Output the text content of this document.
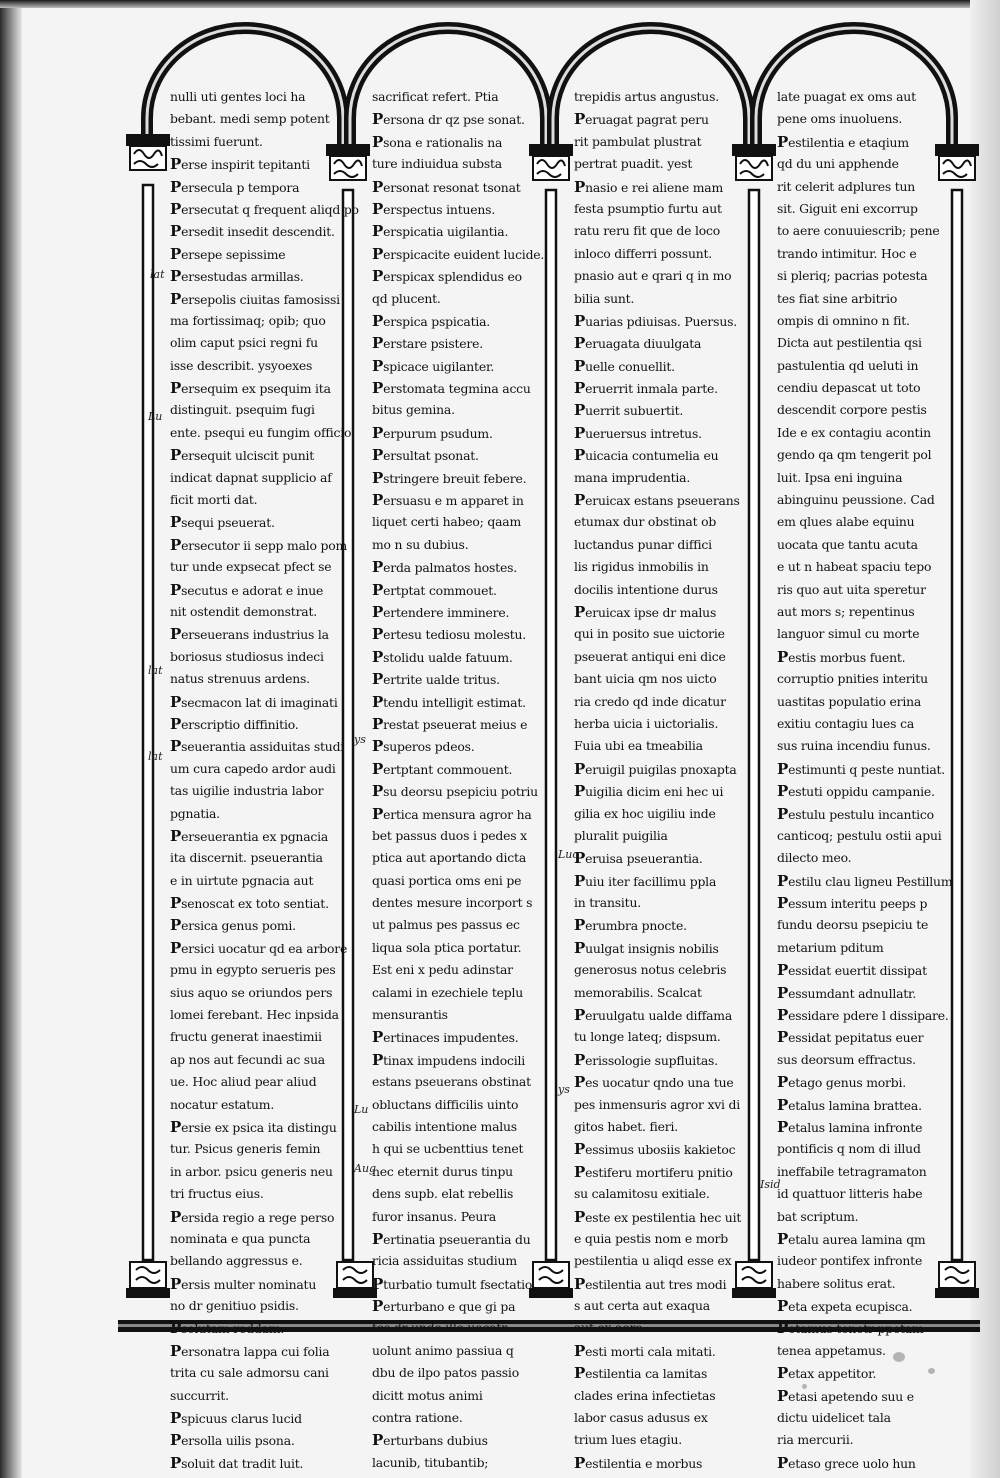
nulli uti gentes loci ha
bebant. medi semp potent
tissimi fuerunt.
Perse inspirit tepitanti
Persecula p tempora
Persecutat q frequent aliqd po
Persedit insedit descendit.
Persepe sepissime
Persestudas armillas.
Persepolis ciuitas famosissi
ma fortissimaq; opib; quo
olim caput psici regni fu
isse describit. ysyoexes
Persequim ex psequim ita
distinguit. psequim fugi
ente. psequi eu fungim officio
Persequit ulciscit punit
indicat dapnat supplicio af
ficit morti dat.
Psequi pseuerat.
Persecutor ii sepp malo pom
tur unde expsecat pfect se
Psecutus e adorat e inue
nit ostendit demonstrat.
Perseuerans industrius la
boriosus studiosus indeci
natus strenuus ardens.
Psecmacon lat di imaginati
Perscriptio diffinitio.
Pseuerantia assiduitas studi
um cura capedo ardor audi
tas uigilie industria labor
pgnatia.
Perseuerantia ex pgnacia
ita discernit. pseuerantia
e in uirtute pgnacia aut
Psenoscat ex toto sentiat.
Persica genus pomi.
Persici uocatur qd ea arbore
pmu in egypto serueris pes
sius aquo se oriundos pers
lomei ferebant. Hec inpsida
fructu generat inaestimii
ap nos aut fecundi ac sua
ue. Hoc aliud pear aliud
nocatur estatum.
Persie ex psica ita distingu
tur. Psicus generis femin
in arbor. psicu generis neu
tri fructus eius.
Persida regio a rege perso
nominata e qua puncta
bellando aggressus e.
Persis multer nominatu
no dr genitiuo psidis.
Psolutam reddam.
Personatra lappa cui folia
trita cu sale admorsu cani
succurrit.
Pspicuus clarus lucid
Persolla uilis psona.
Psoluit dat tradit luit.
sacrificat refert. Ptia
Persona dr qz pse sonat.
Psona e rationalis na
ture indiuidua substa
Personat resonat tsonat
Perspectus intuens.
Perspicatia uigilantia.
Perspicacite euident lucide.
Perspicax splendidus eo
qd plucent.
Perspica pspicatia.
Perstare psistere.
Pspicace uigilanter.
Perstomata tegmina accu
bitus gemina.
Perpurum psudum.
Persultat psonat.
Pstringere breuit febere.
Persuasu e m apparet in
liquet certi habeo; qaam
mo n su dubius.
Perda palmatos hostes.
Pertptat commouet.
Pertendere imminere.
Pertesu tediosu molestu.
Pstolidu ualde fatuum.
Pertrite ualde tritus.
Ptendu intelligit estimat.
Prestat pseuerat meius e
Psuperos pdeos.
Pertptant commouent.
Psu deorsu psepiciu potriu
Pertica mensura agror ha
bet passus duos i pedes x
ptica aut aportando dicta
quasi portica oms eni pe
dentes mesure incorport s
ut palmus pes passus ec
liqua sola ptica portatur.
Est eni x pedu adinstar
calami in ezechiele teplu
mensurantis
Pertinaces impudentes.
Ptinax impudens indocili
estans pseuerans obstinat
obluctans difficilis uinto
cabilis intentione malus
h qui se ucbenttius tenet
nec eternit durus tinpu
dens supb. elat rebellis
furor insanus. Peura
Pertinatia pseuerantia du
ricia assiduitas studium
Pturbatio tumult fsectatio
Perturbano e que gi pa
tos dr unde ille uocatr
uolunt animo passiua q
dbu de ilpo patos passio
dicitt motus animi
contra ratione.
Perturbans dubius
lacunib, titubantib;
trepidis artus angustus.
Peruagat pagrat peru
rit pambulat plustrat
pertrat puadit. yest
Pnasio e rei aliene mam
festa psumptio furtu aut
ratu reru fit que de loco
inloco differri possunt.
pnasio aut e qrari q in mo
bilia sunt.
Puarias pdiuisas. Puersus.
Peruagata diuulgata
Puelle conuellit.
Peruerrit inmala parte.
Puerrit subuertit.
Pueruersus intretus.
Puicacia contumelia eu
mana imprudentia.
Peruicax estans pseuerans
etumax dur obstinat ob
luctandus punar diffici
lis rigidus inmobilis in
docilis intentione durus
Peruicax ipse dr malus
qui in posito sue uictorie
pseuerat antiqui eni dice
bant uicia qm nos uicto
ria credo qd inde dicatur
herba uicia i uictorialis.
Fuia ubi ea tmeabilia
Peruigil puigilas pnoxapta
Puigilia dicim eni hec ui
gilia ex hoc uigiliu inde
pluralit puigilia
Peruisa pseuerantia.
Puiu iter facillimu ppla
in transitu.
Perumbra pnocte.
Puulgat insignis nobilis
generosus notus celebris
memorabilis. Scalcat
Peruulgatu ualde diffama
tu longe lateq; dispsum.
Perissologie supfluitas.
Pes uocatur qndo una tue
pes inmensuris agror xvi di
gitos habet. fieri.
Pessimus ubosiis kakietoc
Pestiferu mortiferu pnitio
su calamitosu exitiale.
Peste ex pestilentia hec uit
e quia pestis nom e morb
pestilentia u aliqd esse ex
Pestilentia aut tres modi
s aut certa aut exaqua
aut ex aere.
Pesti morti cala mitati.
Pestilentia ca lamitas
clades erina infectietas
labor casus adusus ex
trium lues etagiu.
Pestilentia e morbus
late puagat ex oms aut
pene oms inuoluens.
Pestilentia e etaqium
qd du uni apphende
rit celerit adplures tun
sit. Giguit eni excorrup
to aere conuuiescrib; pene
trando intimitur. Hoc e
si pleriq; pacrias potesta
tes fiat sine arbitrio
ompis di omnino n fit.
Dicta aut pestilentia qsi
pastulentia qd ueluti in
cendiu depascat ut toto
descendit corpore pestis
Ide e ex contagiu acontin
gendo qa qm tengerit pol
luit. Ipsa eni inguina
abinguinu peussione. Cad
em qlues alabe equinu
uocata que tantu acuta
e ut n habeat spaciu tepo
ris quo aut uita speretur
aut mors s; repentinus
languor simul cu morte
Pestis morbus fuent.
corruptio pnities interitu
uastitas populatio erina
exitiu contagiu lues ca
sus ruina incendiu funus.
Pestimunti q peste nuntiat.
Pestuti oppidu campanie.
Pestulu pestulu incantico
canticoq; pestulu ostii apui
dilecto meo.
Pestilu clau ligneu Pestillum
Pessum interitu peeps p
fundu deorsu psepiciu te
metarium pditum
Pessidat euertit dissipat
Pessumdant adnullatr.
Pessidare pdere l dissipare.
Pessidat pepitatus euer
sus deorsum effractus.
Petago genus morbi.
Petalus lamina brattea.
Petalus lamina infronte
pontificis q nom di illud
ineffabile tetragramaton
id quattuor litteris habe
bat scriptum.
Petalu aurea lamina qm
iudeor pontifex infronte
habere solitus erat.
Peta expeta ecupisca.
Petamus tenetr ppetam
tenea appetamus.
Petax appetitor.
Petasi apetendo suu e
dictu uidelicet tala
ria mercurii.
Petaso grece uolo hun
lat
Lu
lat
lat
ys
Lu
Aug
ys
Luc
Isid
